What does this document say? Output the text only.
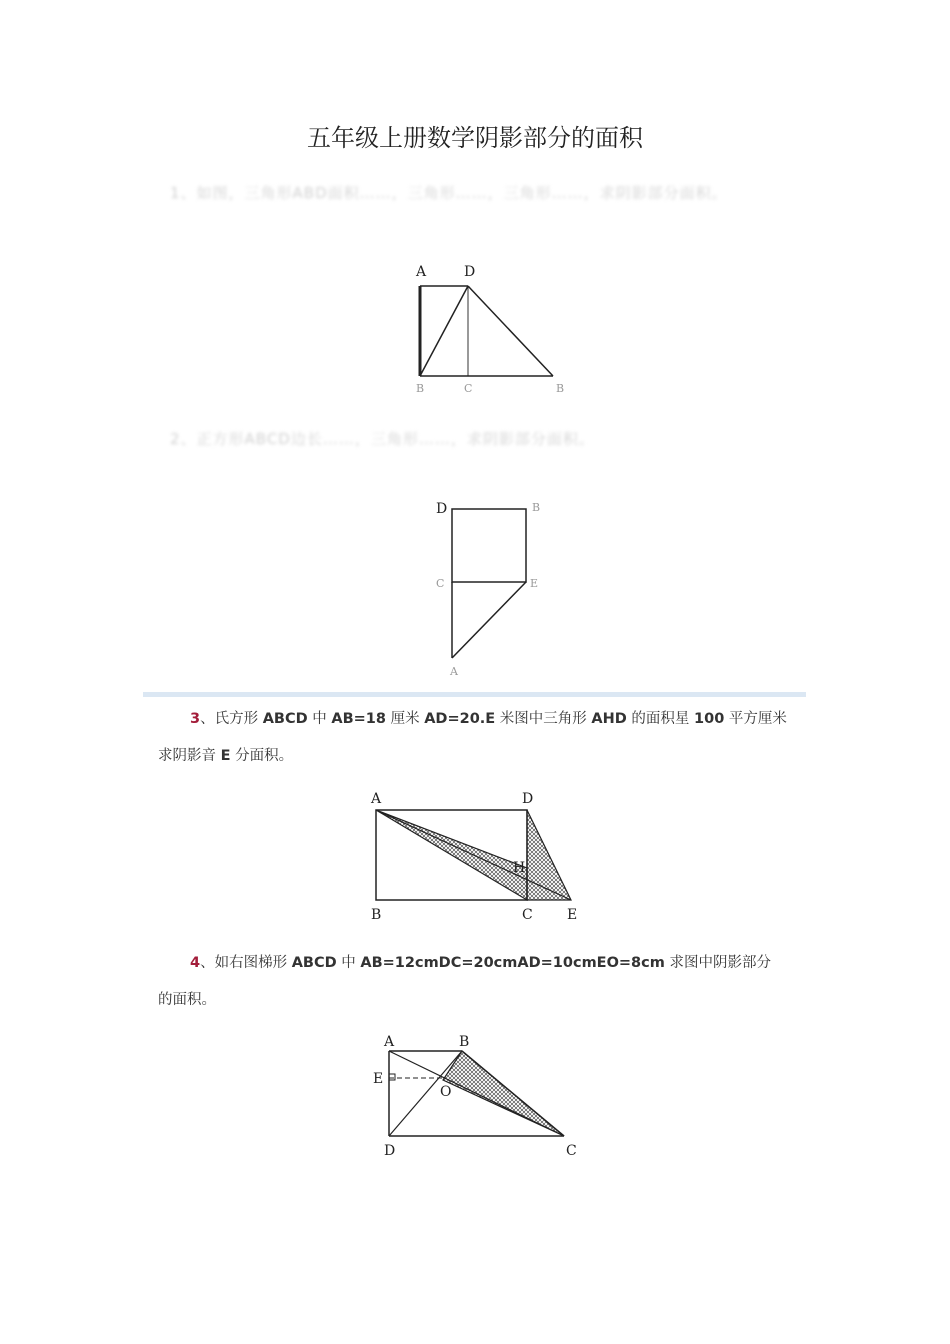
五年级上册数学阴影部分的面积
1、如图，三角形ABD面积……，三角形……，三角形……，求阴影部分面积。
A	D
B	C	B
2、正方形ABCD边长……，三角形……，求阴影部分面积。
D	B
C	E
A
3、氏方形 ABCD 中 AB=18 厘米 AD=20.E 米图中三角形 AHD 的面积星 100 平方厘米
求阴影音 E 分面积。
A	D
H
B	C E
4、如右图梯形 ABCD 中 AB=12cmDC=20cmAD=10cmEO=8cm 求图中阴影部分
的面积。
A	B
E
O
D	C
